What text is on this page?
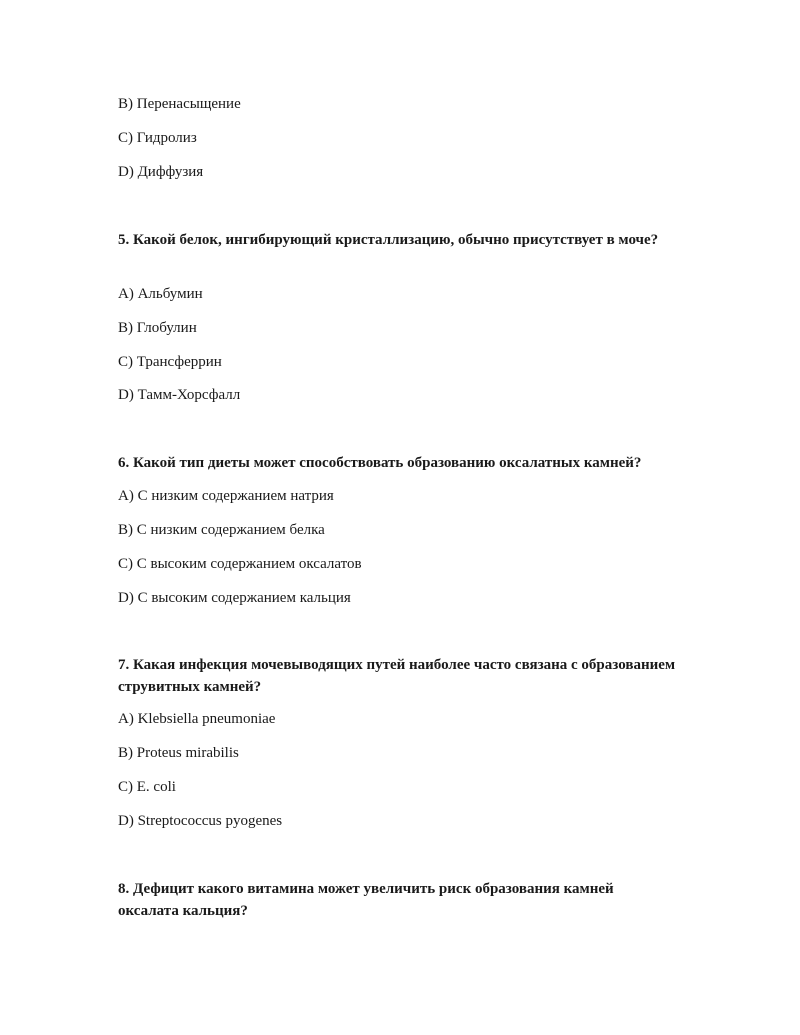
B) Перенасыщение
C) Гидролиз
D) Диффузия
5. Какой белок, ингибирующий кристаллизацию, обычно присутствует в моче?
A) Альбумин
B) Глобулин
C) Трансферрин
D) Тамм-Хорсфалл
6. Какой тип диеты может способствовать образованию оксалатных камней?
A) С низким содержанием натрия
B) С низким содержанием белка
C) С высоким содержанием оксалатов
D) С высоким содержанием кальция
7. Какая инфекция мочевыводящих путей наиболее часто связана с образованием струвитных камней?
A) Klebsiella pneumoniae
B) Proteus mirabilis
C) E. coli
D) Streptococcus pyogenes
8. Дефицит какого витамина может увеличить риск образования камней оксалата кальция?
